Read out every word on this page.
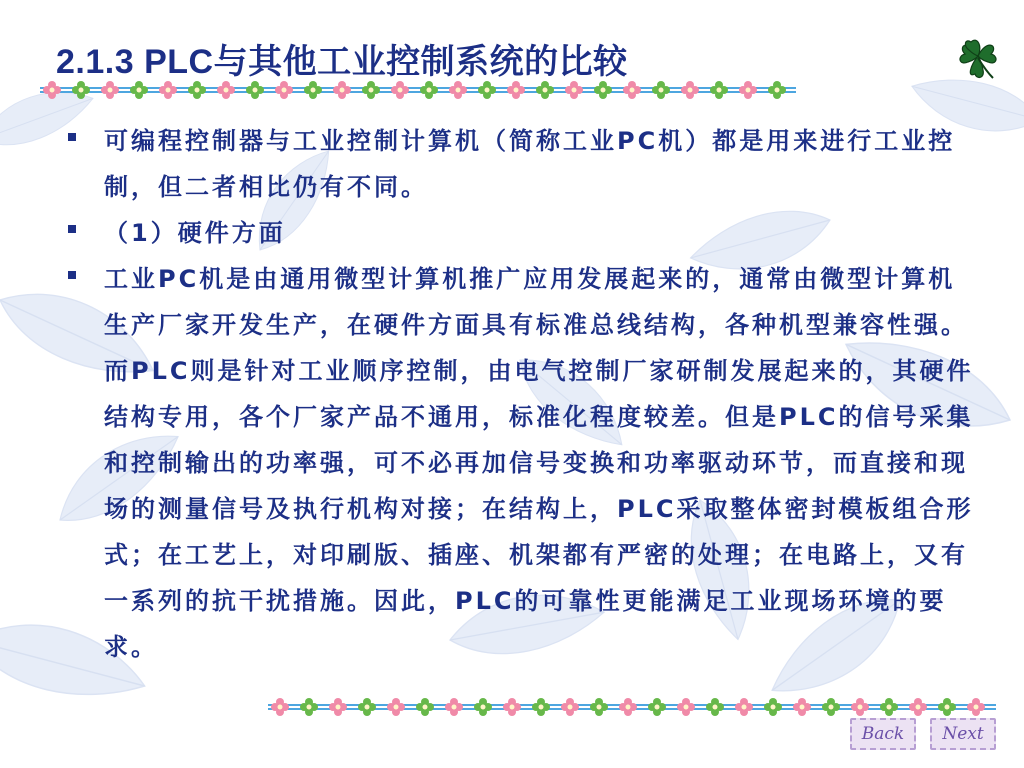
2.1.3 PLC与其他工业控制系统的比较
可编程控制器与工业控制计算机（简称工业PC机）都是用来进行工业控制，但二者相比仍有不同。
（1）硬件方面
工业PC机是由通用微型计算机推广应用发展起来的，通常由微型计算机生产厂家开发生产，在硬件方面具有标准总线结构，各种机型兼容性强。而PLC则是针对工业顺序控制，由电气控制厂家研制发展起来的，其硬件结构专用，各个厂家产品不通用，标准化程度较差。但是PLC的信号采集和控制输出的功率强，可不必再加信号变换和功率驱动环节，而直接和现场的测量信号及执行机构对接；在结构上，PLC采取整体密封模板组合形式；在工艺上，对印刷版、插座、机架都有严密的处理；在电路上，又有一系列的抗干扰措施。因此，PLC的可靠性更能满足工业现场环境的要求。
Back	Next
